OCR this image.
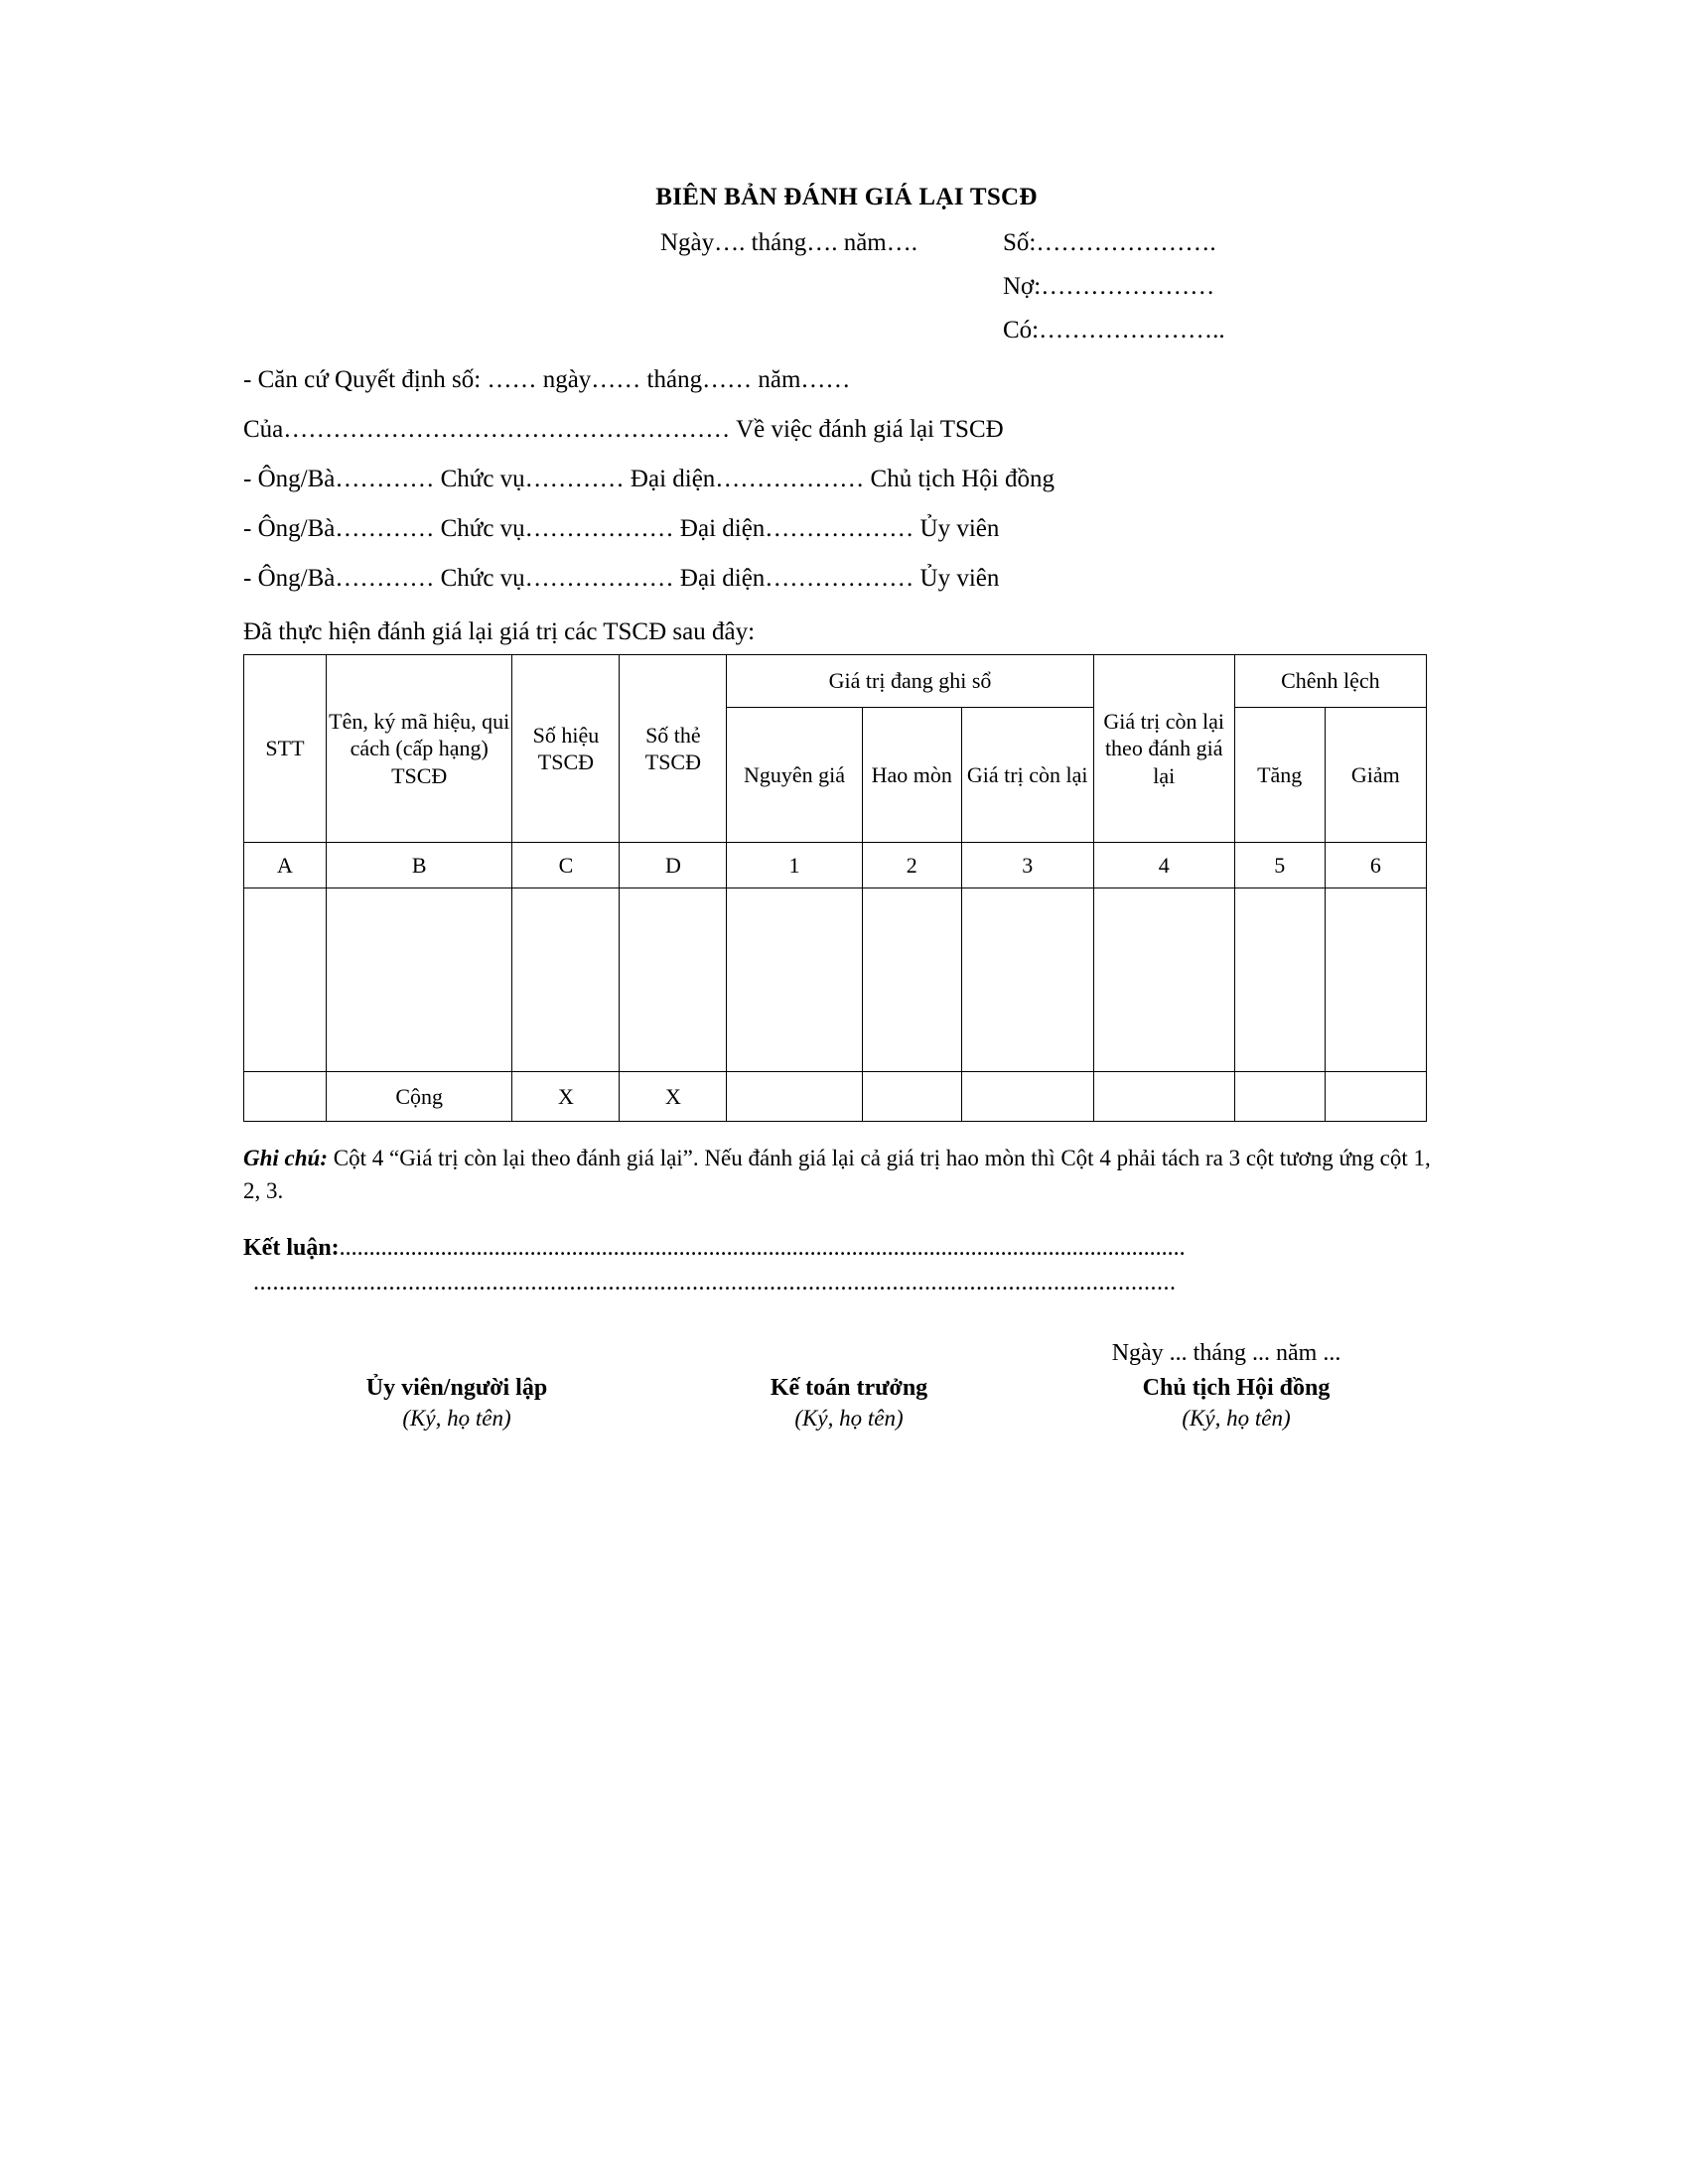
BIÊN BẢN ĐÁNH GIÁ LẠI TSCĐ
Ngày…. tháng…. năm….	Số:………………….
Nợ:…………………
Có:…………………..
- Căn cứ Quyết định số: …… ngày…… tháng…… năm……
Của……………………………………………… Về việc đánh giá lại TSCĐ
- Ông/Bà………… Chức vụ………… Đại diện……………… Chủ tịch Hội đồng
- Ông/Bà………… Chức vụ……………… Đại diện……………… Ủy viên
- Ông/Bà………… Chức vụ……………… Đại diện……………… Ủy viên
Đã thực hiện đánh giá lại giá trị các TSCĐ sau đây:
STT	Tên, ký mã hiệu, qui cách (cấp hạng) TSCĐ	Số hiệu TSCĐ	Số thẻ TSCĐ	Giá trị đang ghi sổ			Giá trị còn lại theo đánh giá lại	Chênh lệch	
				Nguyên giá	Hao mòn	Giá trị còn lại		Tăng	Giảm
A	B	C	D	1	2	3	4	5	6

	Cộng	X	X						
Ghi chú: Cột 4 “Giá trị còn lại theo đánh giá lại”. Nếu đánh giá lại cả giá trị hao mòn thì Cột 4 phải tách ra 3 cột tương ứng cột 1, 2, 3.
Kết luận:..............................................................................................................................................
...............................................................................................................................................
Ngày ... tháng ... năm ...
Ủy viên/người lập
(Ký, họ tên)
Kế toán trưởng
(Ký, họ tên)
Chủ tịch Hội đồng
(Ký, họ tên)
